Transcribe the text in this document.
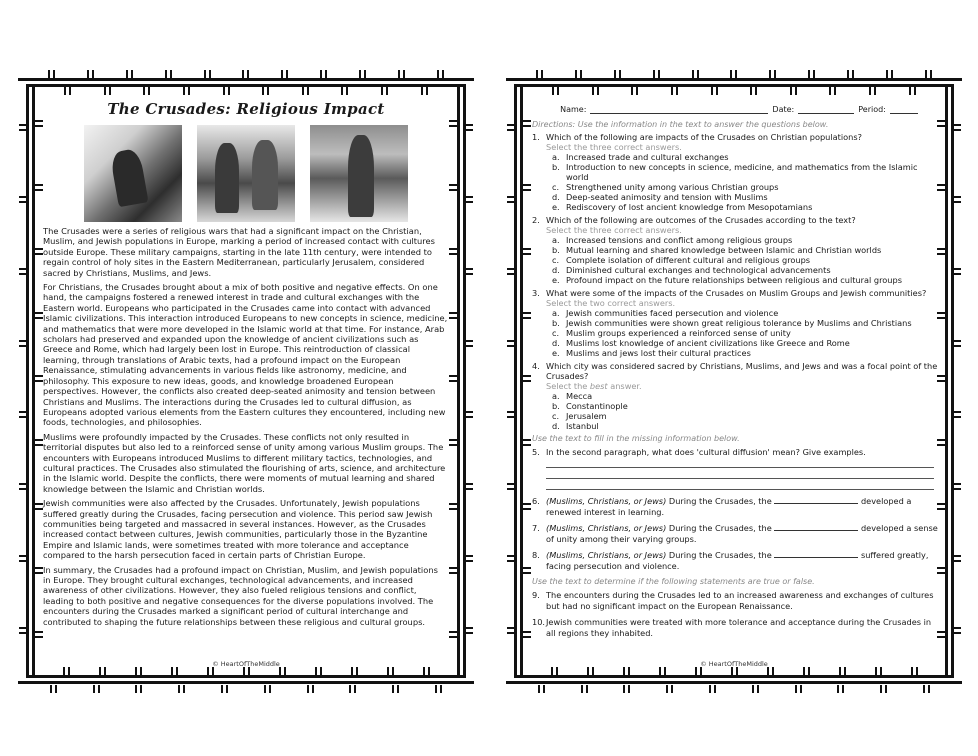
The Crusades: Religious Impact

The Crusades were a series of religious wars that had a significant impact on the Christian, Muslim, and Jewish populations in Europe, marking a period of increased contact with cultures outside Europe. These military campaigns, starting in the late 11th century, were intended to regain control of holy sites in the Eastern Mediterranean, particularly Jerusalem, considered sacred by Christians, Muslims, and Jews.

For Christians, the Crusades brought about a mix of both positive and negative effects. On one hand, the campaigns fostered a renewed interest in trade and cultural exchanges with the Eastern world. Europeans who participated in the Crusades came into contact with advanced Islamic civilizations. This interaction introduced Europeans to new concepts in science, medicine, and mathematics that were more developed in the Islamic world at that time. For instance, Arab scholars had preserved and expanded upon the knowledge of ancient civilizations such as Greece and Rome, which had largely been lost in Europe. This reintroduction of classical learning, through translations of Arabic texts, had a profound impact on the European Renaissance, stimulating advancements in various fields like astronomy, medicine, and philosophy. This exposure to new ideas, goods, and knowledge broadened European perspectives. However, the conflicts also created deep-seated animosity and tension between Christians and Muslims. The interactions during the Crusades led to cultural diffusion, as Europeans adopted various elements from the Eastern cultures they encountered, including new foods, technologies, and philosophies.

Muslims were profoundly impacted by the Crusades. These conflicts not only resulted in territorial disputes but also led to a reinforced sense of unity among various Muslim groups. The encounters with Europeans introduced Muslims to different military tactics, technologies, and cultural practices. The Crusades also stimulated the flourishing of arts, science, and architecture in the Islamic world. Despite the conflicts, there were moments of mutual learning and shared knowledge between the Islamic and Christian worlds.

Jewish communities were also affected by the Crusades. Unfortunately, Jewish populations suffered greatly during the Crusades, facing persecution and violence. This period saw Jewish communities being targeted and massacred in several instances. However, as the Crusades increased contact between cultures, Jewish communities, particularly those in the Byzantine Empire and Islamic lands, were sometimes treated with more tolerance and acceptance compared to the harsh persecution faced in certain parts of Christian Europe.

In summary, the Crusades had a profound impact on Christian, Muslim, and Jewish populations in Europe. They brought cultural exchanges, technological advancements, and increased awareness of other civilizations. However, they also fueled religious tensions and conflict, leading to both positive and negative consequences for the diverse populations involved. The encounters during the Crusades marked a significant period of cultural interchange and contributed to shaping the future relationships between these religious and cultural groups.

© HeartOfTheMiddle
Name:	Date:	Period:
Directions: Use the information in the text to answer the questions below.
1. Which of the following are impacts of the Crusades on Christian populations?
Select the three correct answers.
a. Increased trade and cultural exchanges
b. Introduction to new concepts in science, medicine, and mathematics from the Islamic world
c. Strengthened unity among various Christian groups
d. Deep-seated animosity and tension with Muslims
e. Rediscovery of lost ancient knowledge from Mesopotamians
2. Which of the following are outcomes of the Crusades according to the text?
Select the three correct answers.
a. Increased tensions and conflict among religious groups
b. Mutual learning and shared knowledge between Islamic and Christian worlds
c. Complete isolation of different cultural and religious groups
d. Diminished cultural exchanges and technological advancements
e. Profound impact on the future relationships between religious and cultural groups
3. What were some of the impacts of the Crusades on Muslim Groups and Jewish communities?
Select the two correct answers.
a. Jewish communities faced persecution and violence
b. Jewish communities were shown great religious tolerance by Muslims and Christians
c. Muslim groups experienced a reinforced sense of unity
d. Muslims lost knowledge of ancient civilizations like Greece and Rome
e. Muslims and jews lost their cultural practices
4. Which city was considered sacred by Christians, Muslims, and Jews and was a focal point of the Crusades?
Select the best answer.
a. Mecca
b. Constantinople
c. Jerusalem
d. Istanbul
Use the text to fill in the missing information below.
5. In the second paragraph, what does 'cultural diffusion' mean? Give examples.
6. (Muslims, Christians, or Jews) During the Crusades, the	developed a renewed interest in learning.
7. (Muslims, Christians, or Jews) During the Crusades, the	developed a sense of unity among their varying groups.
8. (Muslims, Christians, or Jews) During the Crusades, the	suffered greatly, facing persecution and violence.
Use the text to determine if the following statements are true or false.
9. The encounters during the Crusades led to an increased awareness and exchanges of cultures but had no significant impact on the European Renaissance.
10. Jewish communities were treated with more tolerance and acceptance during the Crusades in all regions they inhabited.
© HeartOfTheMiddle
